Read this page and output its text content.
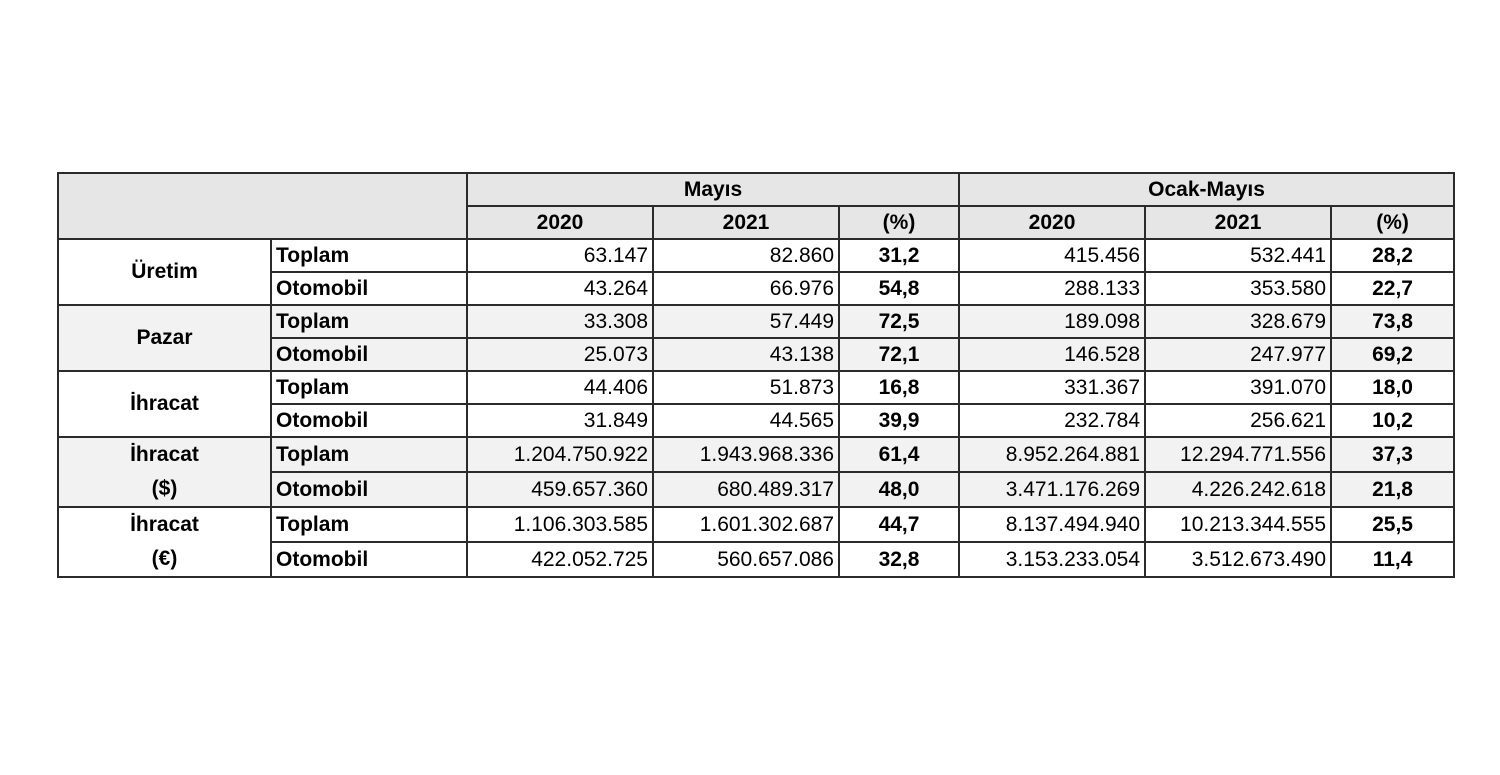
		Mayıs			Ocak-Mayıs		
		2020	2021	(%)		2020	2021	(%)

Üretim	Toplam	63.147	82.860	31,2		415.456	532.441	28,2
	Otomobil	43.264	66.976	54,8		288.133	353.580	22,7

Pazar	Toplam	33.308	57.449	72,5		189.098	328.679	73,8
	Otomobil	25.073	43.138	72,1		146.528	247.977	69,2

İhracat	Toplam	44.406	51.873	16,8		331.367	391.070	18,0
	Otomobil	31.849	44.565	39,9		232.784	256.621	10,2

İhracat
($)	Toplam	1.204.750.922	1.943.968.336	61,4		8.952.264.881	12.294.771.556	37,3
	Otomobil	459.657.360	680.489.317	48,0		3.471.176.269	4.226.242.618	21,8

İhracat
(€)	Toplam	1.106.303.585	1.601.302.687	44,7		8.137.494.940	10.213.344.555	25,5
	Otomobil	422.052.725	560.657.086	32,8		3.153.233.054	3.512.673.490	11,4
